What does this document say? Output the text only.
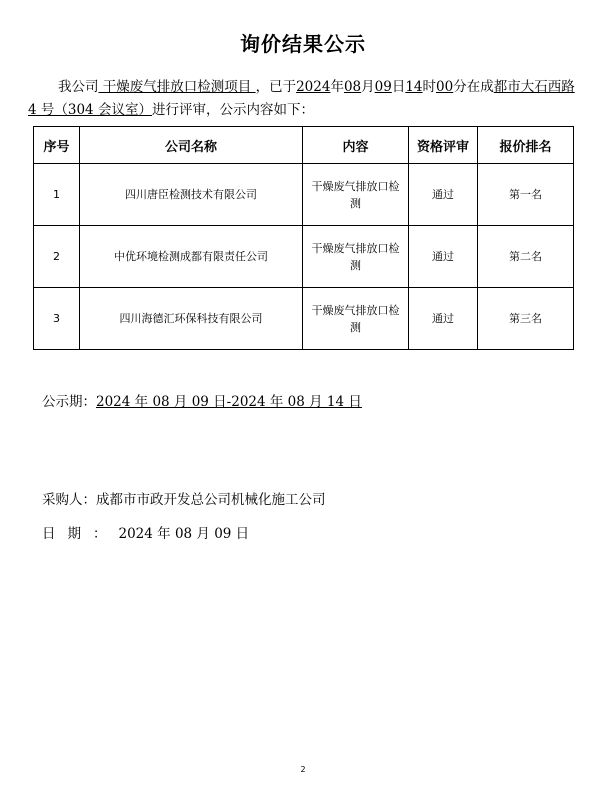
询价结果公示
我公司 干燥废气排放口检测项目 ，已于2024年08月09日14时00分在成都市大石西路 4 号（304 会议室）进行评审，公示内容如下：
序号	公司名称	内容	资格评审	报价排名
1	四川唐臣检测技术有限公司	干燥废气排放口检测	通过	第一名
2	中优环境检测成都有限责任公司	干燥废气排放口检测	通过	第二名
3	四川海德汇环保科技有限公司	干燥废气排放口检测	通过	第三名
公示期：2024 年 08 月 09 日-2024 年 08 月 14 日
采购人：成都市市政开发总公司机械化施工公司
日期：2024 年 08 月 09 日
2
